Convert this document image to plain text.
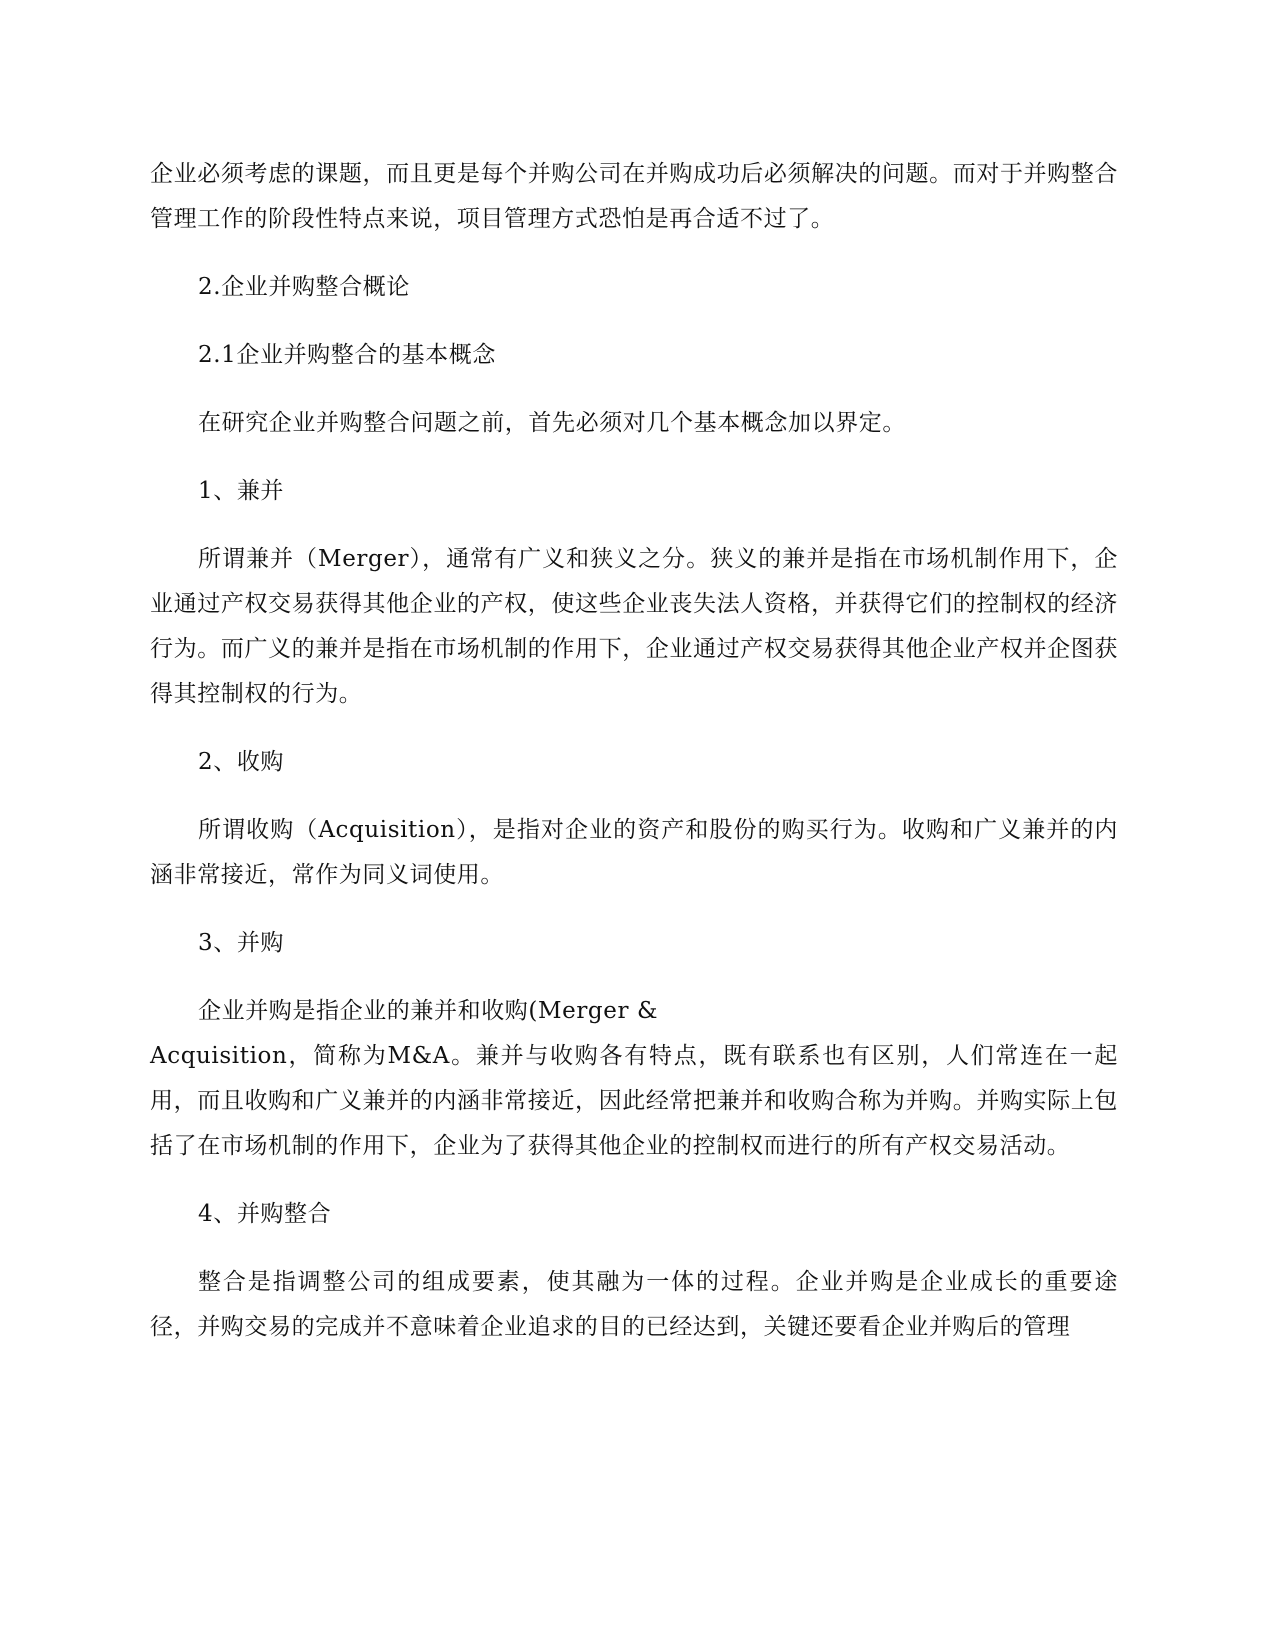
企业必须考虑的课题，而且更是每个并购公司在并购成功后必须解决的问题。而对于并购整合管理工作的阶段性特点来说，项目管理方式恐怕是再合适不过了。

2.企业并购整合概论

2.1企业并购整合的基本概念

在研究企业并购整合问题之前，首先必须对几个基本概念加以界定。

1、兼并

所谓兼并（Merger），通常有广义和狭义之分。狭义的兼并是指在市场机制作用下，企业通过产权交易获得其他企业的产权，使这些企业丧失法人资格，并获得它们的控制权的经济行为。而广义的兼并是指在市场机制的作用下，企业通过产权交易获得其他企业产权并企图获得其控制权的行为。

2、收购

所谓收购（Acquisition），是指对企业的资产和股份的购买行为。收购和广义兼并的内涵非常接近，常作为同义词使用。

3、并购

企业并购是指企业的兼并和收购(Merger &

Acquisition，简称为M&A。兼并与收购各有特点，既有联系也有区别，人们常连在一起用，而且收购和广义兼并的内涵非常接近，因此经常把兼并和收购合称为并购。并购实际上包括了在市场机制的作用下，企业为了获得其他企业的控制权而进行的所有产权交易活动。

4、并购整合

整合是指调整公司的组成要素，使其融为一体的过程。企业并购是企业成长的重要途径，并购交易的完成并不意味着企业追求的目的已经达到，关键还要看企业并购后的管理
